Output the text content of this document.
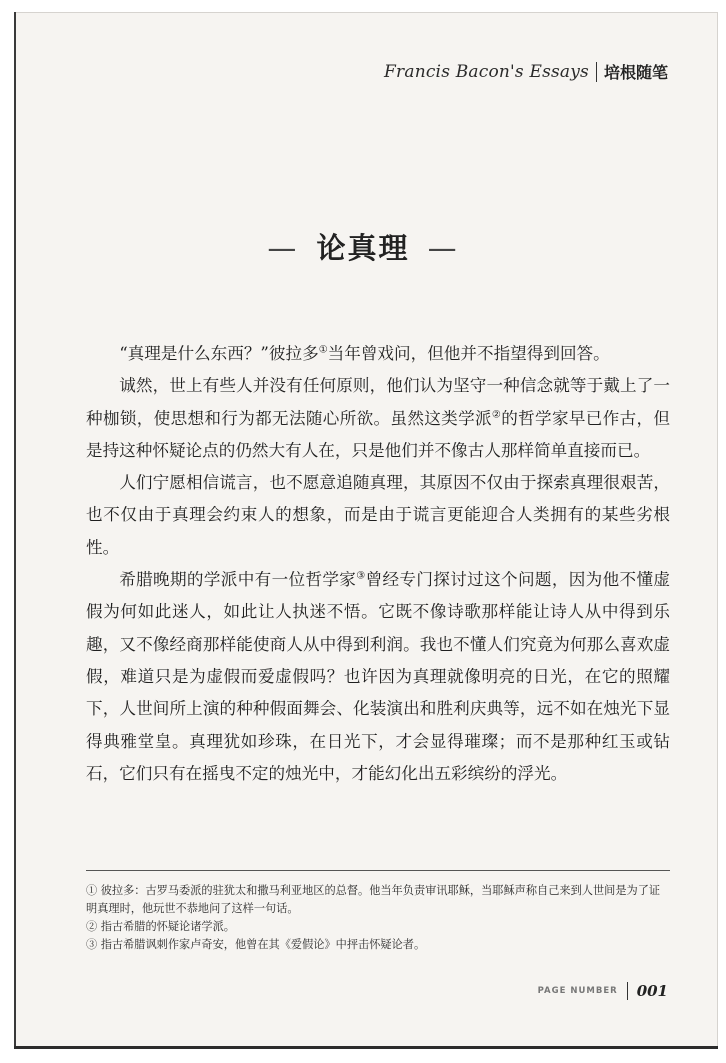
Francis Bacon's Essays 培根随笔
— 论真理 —

“真理是什么东西？”彼拉多①当年曾戏问，但他并不指望得到回答。

诚然，世上有些人并没有任何原则，他们认为坚守一种信念就等于戴上了一种枷锁，使思想和行为都无法随心所欲。虽然这类学派②的哲学家早已作古，但是持这种怀疑论点的仍然大有人在，只是他们并不像古人那样简单直接而已。

人们宁愿相信谎言，也不愿意追随真理，其原因不仅由于探索真理很艰苦，也不仅由于真理会约束人的想象，而是由于谎言更能迎合人类拥有的某些劣根性。

希腊晚期的学派中有一位哲学家③曾经专门探讨过这个问题，因为他不懂虚假为何如此迷人，如此让人执迷不悟。它既不像诗歌那样能让诗人从中得到乐趣，又不像经商那样能使商人从中得到利润。我也不懂人们究竟为何那么喜欢虚假，难道只是为虚假而爱虚假吗？也许因为真理就像明亮的日光，在它的照耀下，人世间所上演的种种假面舞会、化装演出和胜利庆典等，远不如在烛光下显得典雅堂皇。真理犹如珍珠，在日光下，才会显得璀璨；而不是那种红玉或钻石，它们只有在摇曳不定的烛光中，才能幻化出五彩缤纷的浮光。

① 彼拉多：古罗马委派的驻犹太和撒马利亚地区的总督。他当年负责审讯耶稣，当耶稣声称自己来到人世间是为了证明真理时，他玩世不恭地问了这样一句话。

② 指古希腊的怀疑论诸学派。

③ 指古希腊讽刺作家卢奇安，他曾在其《爱假论》中抨击怀疑论者。

PAGE NUMBER 001
